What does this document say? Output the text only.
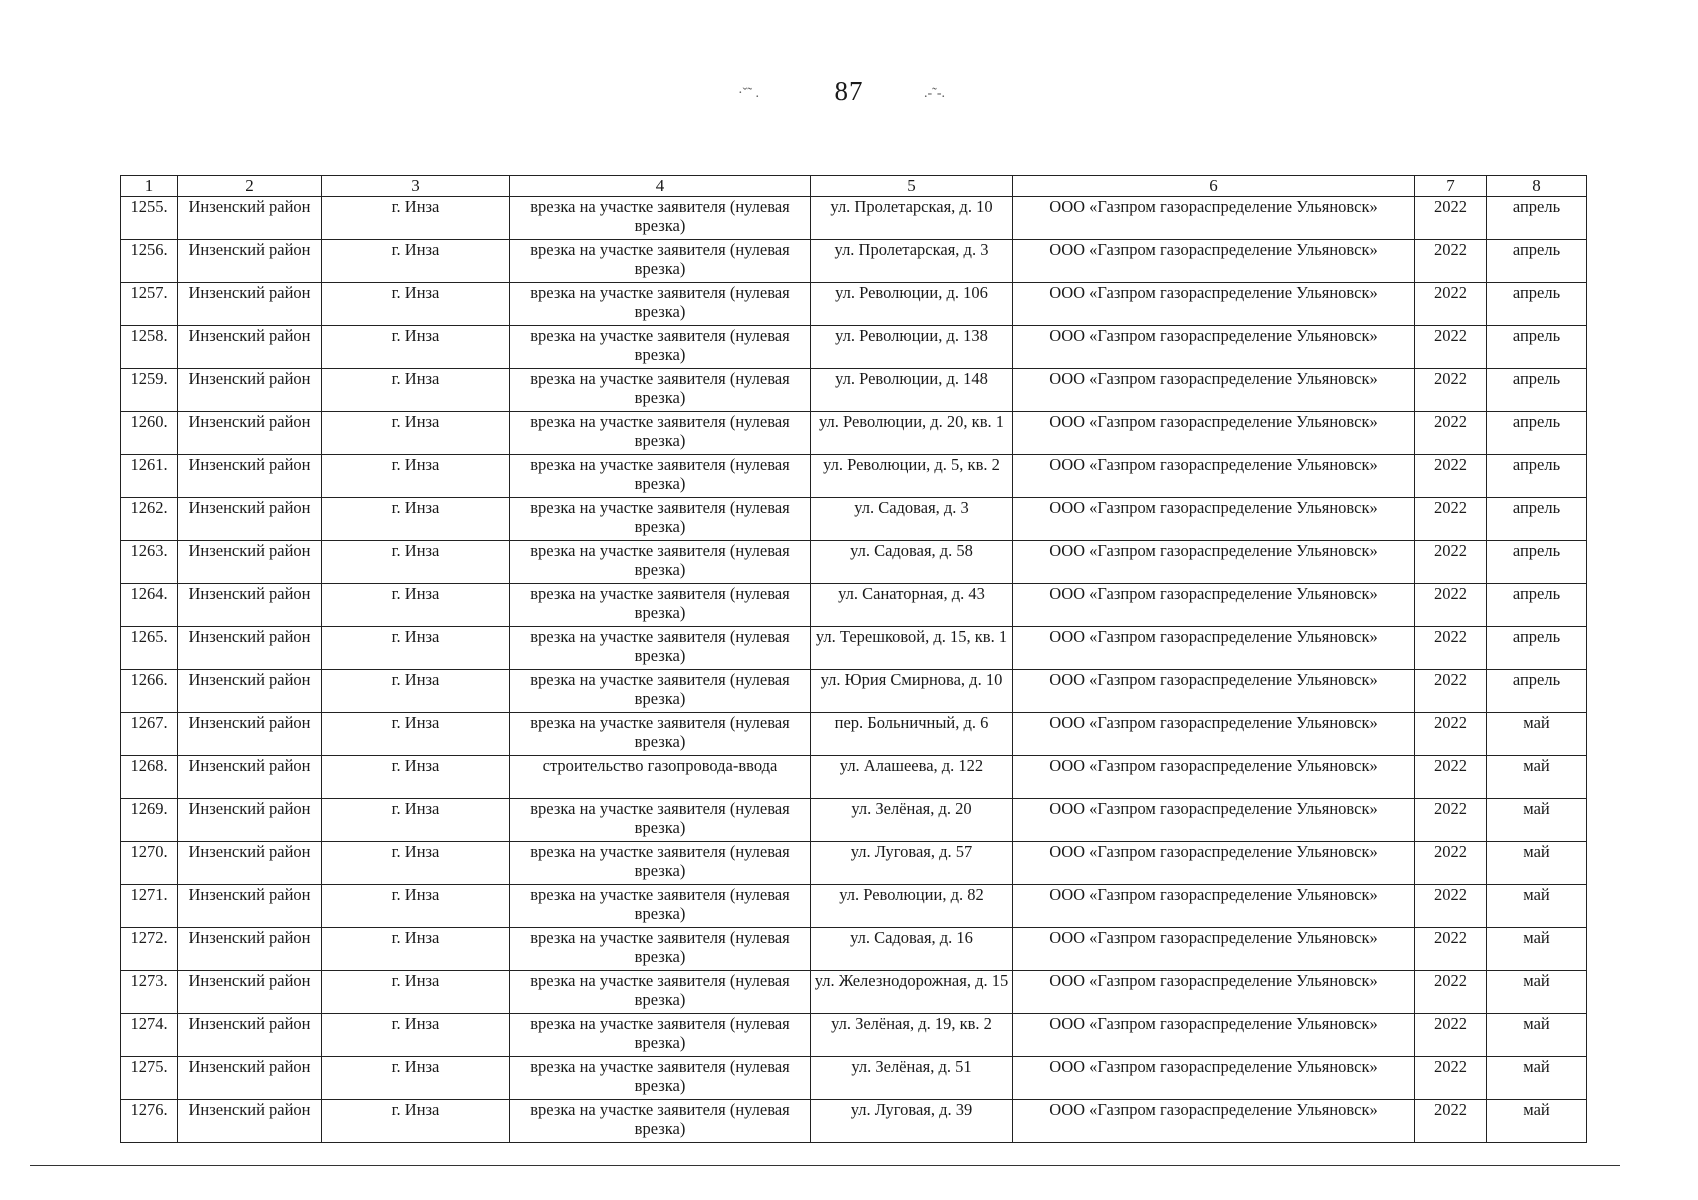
87
·ˇ˜ .	.-˜-.
1	2	3	4	5	6	7	8
1255.	Инзенский район	г. Инза	врезка на участке заявителя (нулевая врезка)	ул. Пролетарская, д. 10	ООО «Газпром газораспределение Ульяновск»	2022	апрель
1256.	Инзенский район	г. Инза	врезка на участке заявителя (нулевая врезка)	ул. Пролетарская, д. 3	ООО «Газпром газораспределение Ульяновск»	2022	апрель
1257.	Инзенский район	г. Инза	врезка на участке заявителя (нулевая врезка)	ул. Революции, д. 106	ООО «Газпром газораспределение Ульяновск»	2022	апрель
1258.	Инзенский район	г. Инза	врезка на участке заявителя (нулевая врезка)	ул. Революции, д. 138	ООО «Газпром газораспределение Ульяновск»	2022	апрель
1259.	Инзенский район	г. Инза	врезка на участке заявителя (нулевая врезка)	ул. Революции, д. 148	ООО «Газпром газораспределение Ульяновск»	2022	апрель
1260.	Инзенский район	г. Инза	врезка на участке заявителя (нулевая врезка)	ул. Революции, д. 20, кв. 1	ООО «Газпром газораспределение Ульяновск»	2022	апрель
1261.	Инзенский район	г. Инза	врезка на участке заявителя (нулевая врезка)	ул. Революции, д. 5, кв. 2	ООО «Газпром газораспределение Ульяновск»	2022	апрель
1262.	Инзенский район	г. Инза	врезка на участке заявителя (нулевая врезка)	ул. Садовая, д. 3	ООО «Газпром газораспределение Ульяновск»	2022	апрель
1263.	Инзенский район	г. Инза	врезка на участке заявителя (нулевая врезка)	ул. Садовая, д. 58	ООО «Газпром газораспределение Ульяновск»	2022	апрель
1264.	Инзенский район	г. Инза	врезка на участке заявителя (нулевая врезка)	ул. Санаторная, д. 43	ООО «Газпром газораспределение Ульяновск»	2022	апрель
1265.	Инзенский район	г. Инза	врезка на участке заявителя (нулевая врезка)	ул. Терешковой, д. 15, кв. 1	ООО «Газпром газораспределение Ульяновск»	2022	апрель
1266.	Инзенский район	г. Инза	врезка на участке заявителя (нулевая врезка)	ул. Юрия Смирнова, д. 10	ООО «Газпром газораспределение Ульяновск»	2022	апрель
1267.	Инзенский район	г. Инза	врезка на участке заявителя (нулевая врезка)	пер. Больничный, д. 6	ООО «Газпром газораспределение Ульяновск»	2022	май
1268.	Инзенский район	г. Инза	строительство газопровода-ввода	ул. Алашеева, д. 122	ООО «Газпром газораспределение Ульяновск»	2022	май
1269.	Инзенский район	г. Инза	врезка на участке заявителя (нулевая врезка)	ул. Зелёная, д. 20	ООО «Газпром газораспределение Ульяновск»	2022	май
1270.	Инзенский район	г. Инза	врезка на участке заявителя (нулевая врезка)	ул. Луговая, д. 57	ООО «Газпром газораспределение Ульяновск»	2022	май
1271.	Инзенский район	г. Инза	врезка на участке заявителя (нулевая врезка)	ул. Революции, д. 82	ООО «Газпром газораспределение Ульяновск»	2022	май
1272.	Инзенский район	г. Инза	врезка на участке заявителя (нулевая врезка)	ул. Садовая, д. 16	ООО «Газпром газораспределение Ульяновск»	2022	май
1273.	Инзенский район	г. Инза	врезка на участке заявителя (нулевая врезка)	ул. Железнодорожная, д. 15	ООО «Газпром газораспределение Ульяновск»	2022	май
1274.	Инзенский район	г. Инза	врезка на участке заявителя (нулевая врезка)	ул. Зелёная, д. 19, кв. 2	ООО «Газпром газораспределение Ульяновск»	2022	май
1275.	Инзенский район	г. Инза	врезка на участке заявителя (нулевая врезка)	ул. Зелёная, д. 51	ООО «Газпром газораспределение Ульяновск»	2022	май
1276.	Инзенский район	г. Инза	врезка на участке заявителя (нулевая врезка)	ул. Луговая, д. 39	ООО «Газпром газораспределение Ульяновск»	2022	май
